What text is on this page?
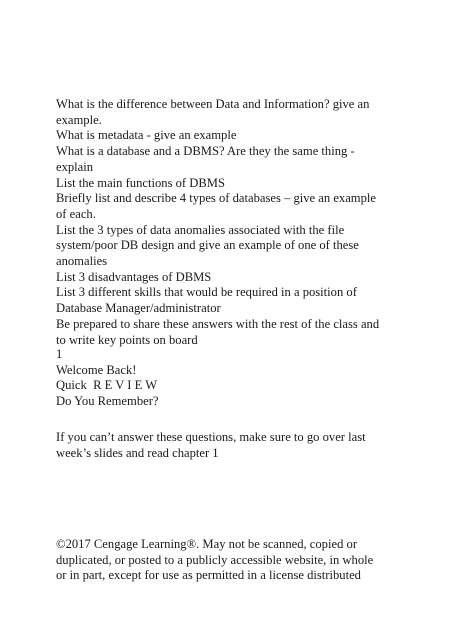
What is the difference between Data and Information? give an
example.
What is metadata - give an example
What is a database and a DBMS? Are they the same thing -
explain
List the main functions of DBMS
Briefly list and describe 4 types of databases – give an example
of each.
List the 3 types of data anomalies associated with the file
system/poor DB design and give an example of one of these
anomalies
List 3 disadvantages of DBMS
List 3 different skills that would be required in a position of
Database Manager/administrator
Be prepared to share these answers with the rest of the class and
to write key points on board
1
Welcome Back!
Quick R E V I E W
Do You Remember?
If you can’t answer these questions, make sure to go over last
week’s slides and read chapter 1
©2017 Cengage Learning®. May not be scanned, copied or
duplicated, or posted to a publicly accessible website, in whole
or in part, except for use as permitted in a license distributed
